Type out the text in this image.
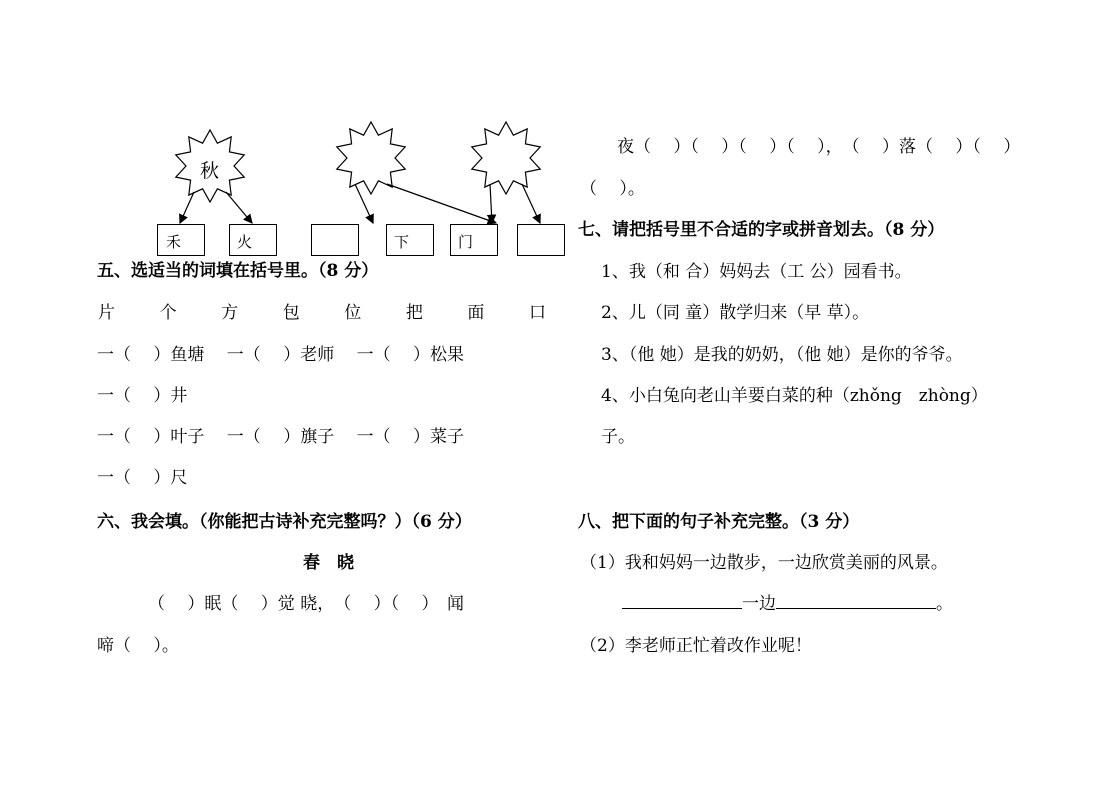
禾	火	下	门
秋
五、选适当的词填在括号里。（8 分）
片	个	方	包	位	把	面	口
一（　 ）鱼塘　 一（　 ）老师　 一（　 ）松果
一（　 ）井
一（　 ）叶子　 一（　 ）旗子　 一（　 ）菜子
一（　 ）尺
六、我会填。（你能把古诗补充完整吗？）（6 分）
春　晓
（　 ）眠（　 ）觉 晓，　（　 ）（　 ）　闻
啼（　 ）。
夜（　 ）（　 ）（　 ）（　 ），　（　 ）落（　 ）（　 ）
（　 ）。
七、请把括号里不合适的字或拼音划去。（8 分）
1、我（和 合）妈妈去（工 公）园看书。
2、儿（同 童）散学归来（早 草）。
3、（他 她）是我的奶奶，（他 她）是你的爷爷。
4、小白兔向老山羊要白菜的种（zhǒng　zhòng）
子。
八、把下面的句子补充完整。（3 分）
（1）我和妈妈一边散步，一边欣赏美丽的风景。
一边	。
（2）李老师正忙着改作业呢！
